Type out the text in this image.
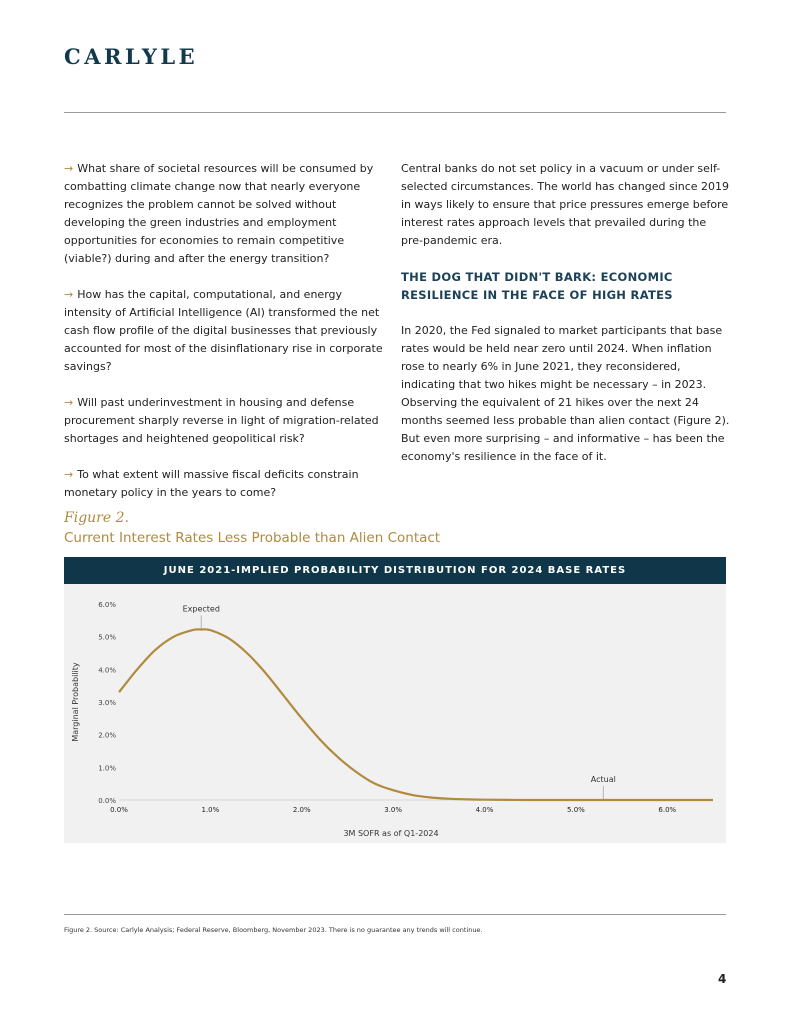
CARLYLE

→ What share of societal resources will be consumed by combatting climate change now that nearly everyone recognizes the problem cannot be solved without developing the green industries and employment opportunities for economies to remain competitive (viable?) during and after the energy transition?

→ How has the capital, computational, and energy intensity of Artificial Intelligence (AI) transformed the net cash flow profile of the digital businesses that previously accounted for most of the disinflationary rise in corporate savings?

→ Will past underinvestment in housing and defense procurement sharply reverse in light of migration-related shortages and heightened geopolitical risk?

→ To what extent will massive fiscal deficits constrain monetary policy in the years to come?

Central banks do not set policy in a vacuum or under self-selected circumstances. The world has changed since 2019 in ways likely to ensure that price pressures emerge before interest rates approach levels that prevailed during the pre-pandemic era.

THE DOG THAT DIDN'T BARK: ECONOMIC RESILIENCE IN THE FACE OF HIGH RATES

In 2020, the Fed signaled to market participants that base rates would be held near zero until 2024. When inflation rose to nearly 6% in June 2021, they reconsidered, indicating that two hikes might be necessary – in 2023. Observing the equivalent of 21 hikes over the next 24 months seemed less probable than alien contact (Figure 2). But even more surprising – and informative – has been the economy's resilience in the face of it.

Figure 2.
Current Interest Rates Less Probable than Alien Contact
JUNE 2021-IMPLIED PROBABILITY DISTRIBUTION FOR 2024 BASE RATES
0.0%
1.0%
2.0%
3.0%
4.0%
5.0%
6.0%
0.0%	1.0%	2.0%	3.0%	4.0%	5.0%	6.0%
Expected
Actual
3M SOFR as of Q1-2024
Marginal Probability
Figure 2. Source: Carlyle Analysis; Federal Reserve, Bloomberg, November 2023. There is no guarantee any trends will continue.
4
